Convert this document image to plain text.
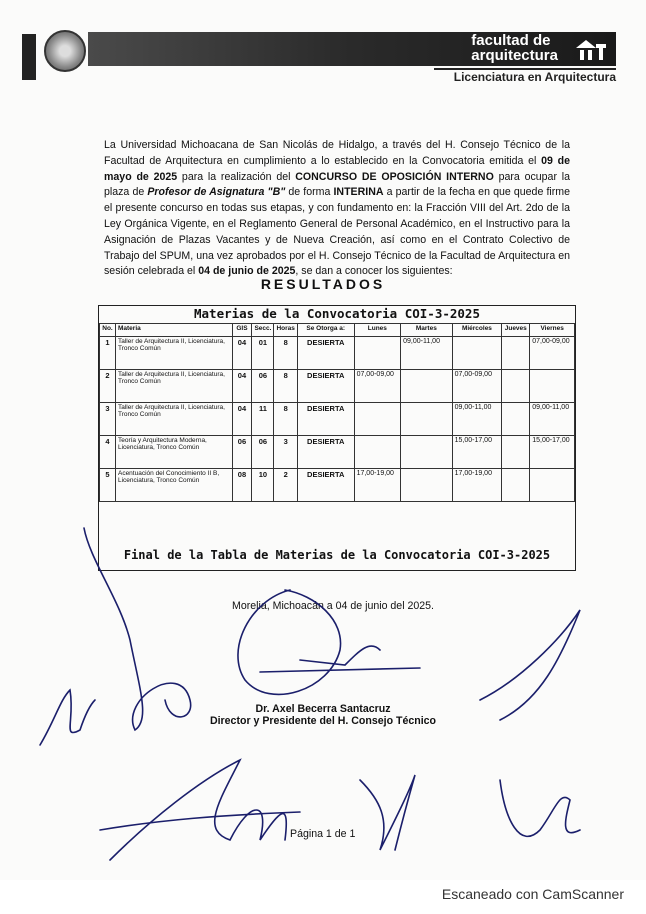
facultad de
arquitectura
Licenciatura en Arquitectura
La Universidad Michoacana de San Nicolás de Hidalgo, a través del H. Consejo Técnico de la Facultad de Arquitectura en cumplimiento a lo establecido en la Convocatoria emitida el 09 de mayo de 2025 para la realización del CONCURSO DE OPOSICIÓN INTERNO para ocupar la plaza de Profesor de Asignatura "B" de forma INTERINA a partir de la fecha en que quede firme el presente concurso en todas sus etapas, y con fundamento en: la Fracción VIII del Art. 2do de la Ley Orgánica Vigente, en el Reglamento General de Personal Académico, en el Instructivo para la Asignación de Plazas Vacantes y de Nueva Creación, así como en el Contrato Colectivo de Trabajo del SPUM, una vez aprobados por el H. Consejo Técnico de la Facultad de Arquitectura en sesión celebrada el 04 de junio de 2025, se dan a conocer los siguientes:
RESULTADOS
Materias de la Convocatoria COI-3-2025
No.	Materia	GIS	Secc.	Horas	Se Otorga a:	Lunes	Martes	Miércoles	Jueves	Viernes
1	Taller de Arquitectura II, Licenciatura, Tronco Común	04	01	8	DESIERTA		09,00-11,00			07,00-09,00
2	Taller de Arquitectura II, Licenciatura, Tronco Común	04	06	8	DESIERTA	07,00-09,00		07,00-09,00		
3	Taller de Arquitectura II, Licenciatura, Tronco Común	04	11	8	DESIERTA			09,00-11,00		09,00-11,00
4	Teoría y Arquitectura Moderna, Licenciatura, Tronco Común	06	06	3	DESIERTA			15,00-17,00		15,00-17,00
5	Acentuación del Conocimiento II B, Licenciatura, Tronco Común	08	10	2	DESIERTA	17,00-19,00		17,00-19,00		
Final de la Tabla de Materias de la Convocatoria COI-3-2025
Morelia, Michoacán a 04 de junio del 2025.
Dr. Axel Becerra Santacruz
Director y Presidente del H. Consejo Técnico
Página 1 de 1
Escaneado con CamScanner
